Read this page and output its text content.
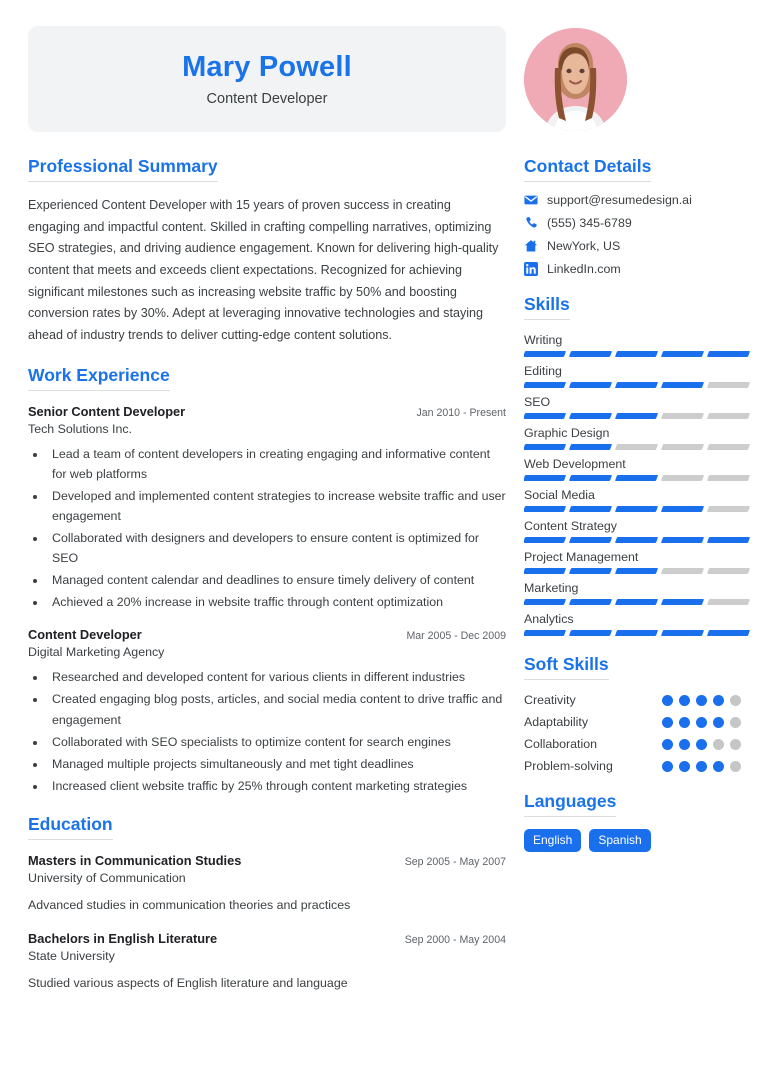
Mary Powell
Content Developer
Professional Summary
Experienced Content Developer with 15 years of proven success in creating engaging and impactful content. Skilled in crafting compelling narratives, optimizing SEO strategies, and driving audience engagement. Known for delivering high-quality content that meets and exceeds client expectations. Recognized for achieving significant milestones such as increasing website traffic by 50% and boosting conversion rates by 30%. Adept at leveraging innovative technologies and staying ahead of industry trends to deliver cutting-edge content solutions.
Work Experience
Senior Content Developer	Jan 2010 - Present
Tech Solutions Inc.
• Lead a team of content developers in creating engaging and informative content for web platforms
• Developed and implemented content strategies to increase website traffic and user engagement
• Collaborated with designers and developers to ensure content is optimized for SEO
• Managed content calendar and deadlines to ensure timely delivery of content
• Achieved a 20% increase in website traffic through content optimization
Content Developer	Mar 2005 - Dec 2009
Digital Marketing Agency
• Researched and developed content for various clients in different industries
• Created engaging blog posts, articles, and social media content to drive traffic and engagement
• Collaborated with SEO specialists to optimize content for search engines
• Managed multiple projects simultaneously and met tight deadlines
• Increased client website traffic by 25% through content marketing strategies
Education
Masters in Communication Studies	Sep 2005 - May 2007
University of Communication
Advanced studies in communication theories and practices
Bachelors in English Literature	Sep 2000 - May 2004
State University
Studied various aspects of English literature and language
Contact Details
support@resumedesign.ai
(555) 345-6789
NewYork, US
LinkedIn.com
Skills
Writing
Editing
SEO
Graphic Design
Web Development
Social Media
Content Strategy
Project Management
Marketing
Analytics
Soft Skills
Creativity
Adaptability
Collaboration
Problem-solving
Languages
English	Spanish
